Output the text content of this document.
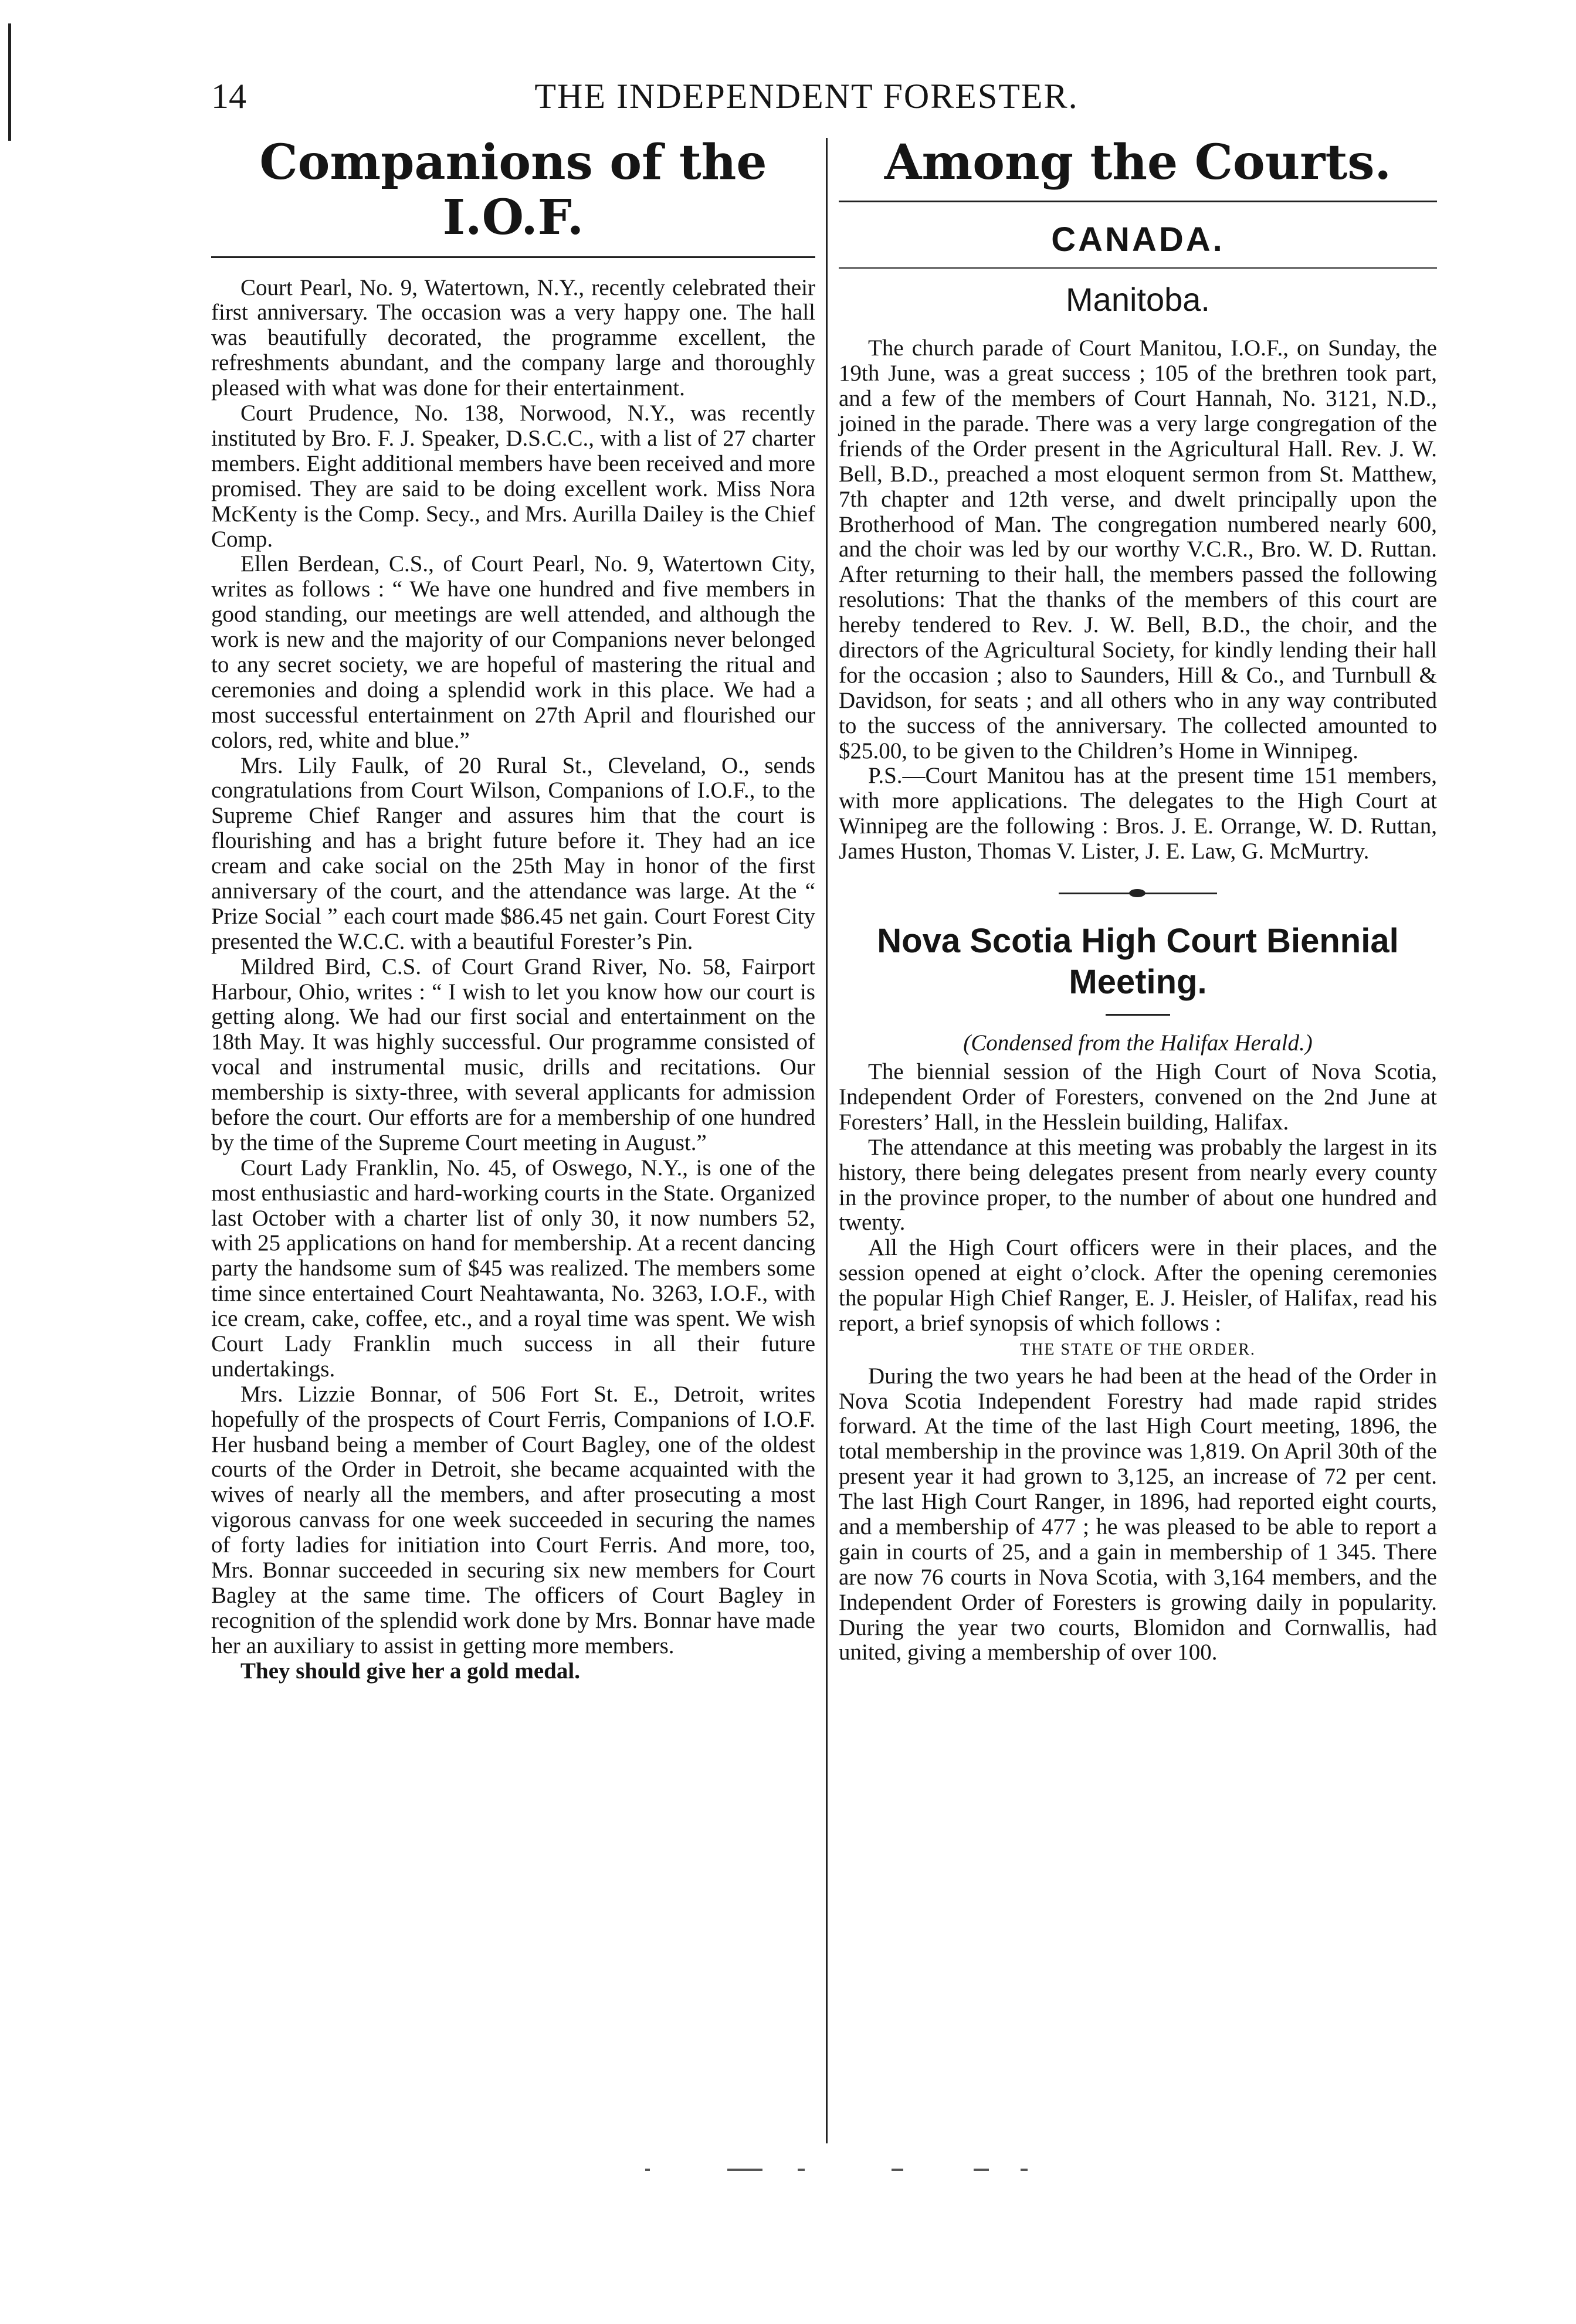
14	THE INDEPENDENT FORESTER.
Companions of the I.O.F.

Court Pearl, No. 9, Watertown, N.Y., recently celebrated their first anniversary. The occasion was a very happy one. The hall was beautifully decorated, the programme excellent, the refreshments abundant, and the company large and thoroughly pleased with what was done for their entertainment.

Court Prudence, No. 138, Norwood, N.Y., was recently instituted by Bro. F. J. Speaker, D.S.C.C., with a list of 27 charter members. Eight additional members have been received and more promised. They are said to be doing excellent work. Miss Nora McKenty is the Comp. Secy., and Mrs. Aurilla Dailey is the Chief Comp.

Ellen Berdean, C.S., of Court Pearl, No. 9, Watertown City, writes as follows : “ We have one hundred and five members in good standing, our meetings are well attended, and although the work is new and the majority of our Companions never belonged to any secret society, we are hopeful of mastering the ritual and ceremonies and doing a splendid work in this place. We had a most successful entertainment on 27th April and flourished our colors, red, white and blue.”

Mrs. Lily Faulk, of 20 Rural St., Cleveland, O., sends congratulations from Court Wilson, Companions of I.O.F., to the Supreme Chief Ranger and assures him that the court is flourishing and has a bright future before it. They had an ice cream and cake social on the 25th May in honor of the first anniversary of the court, and the attendance was large. At the “ Prize Social ” each court made $86.45 net gain. Court Forest City presented the W.C.C. with a beautiful Forester’s Pin.

Mildred Bird, C.S. of Court Grand River, No. 58, Fairport Harbour, Ohio, writes : “ I wish to let you know how our court is getting along. We had our first social and entertainment on the 18th May. It was highly successful. Our programme consisted of vocal and instrumental music, drills and recitations. Our membership is sixty-three, with several applicants for admission before the court. Our efforts are for a membership of one hundred by the time of the Supreme Court meeting in August.”

Court Lady Franklin, No. 45, of Oswego, N.Y., is one of the most enthusiastic and hard-working courts in the State. Organized last October with a charter list of only 30, it now numbers 52, with 25 applications on hand for membership. At a recent dancing party the handsome sum of $45 was realized. The members some time since entertained Court Neahtawanta, No. 3263, I.O.F., with ice cream, cake, coffee, etc., and a royal time was spent. We wish Court Lady Franklin much success in all their future undertakings.

Mrs. Lizzie Bonnar, of 506 Fort St. E., Detroit, writes hopefully of the prospects of Court Ferris, Companions of I.O.F. Her husband being a member of Court Bagley, one of the oldest courts of the Order in Detroit, she became acquainted with the wives of nearly all the members, and after prosecuting a most vigorous canvass for one week succeeded in securing the names of forty ladies for initiation into Court Ferris. And more, too, Mrs. Bonnar succeeded in securing six new members for Court Bagley at the same time. The officers of Court Bagley in recognition of the splendid work done by Mrs. Bonnar have made her an auxiliary to assist in getting more members.

They should give her a gold medal.

Among the Courts.
CANADA.
Manitoba.

The church parade of Court Manitou, I.O.F., on Sunday, the 19th June, was a great success ; 105 of the brethren took part, and a few of the members of Court Hannah, No. 3121, N.D., joined in the parade. There was a very large congregation of the friends of the Order present in the Agricultural Hall. Rev. J. W. Bell, B.D., preached a most eloquent sermon from St. Matthew, 7th chapter and 12th verse, and dwelt principally upon the Brotherhood of Man. The congregation numbered nearly 600, and the choir was led by our worthy V.C.R., Bro. W. D. Ruttan. After returning to their hall, the members passed the following resolutions: That the thanks of the members of this court are hereby tendered to Rev. J. W. Bell, B.D., the choir, and the directors of the Agricultural Society, for kindly lending their hall for the occasion ; also to Saunders, Hill & Co., and Turnbull & Davidson, for seats ; and all others who in any way contributed to the success of the anniversary. The collected amounted to $25.00, to be given to the Children’s Home in Winnipeg.

P.S.—Court Manitou has at the present time 151 members, with more applications. The delegates to the High Court at Winnipeg are the following : Bros. J. E. Orrange, W. D. Ruttan, James Huston, Thomas V. Lister, J. E. Law, G. McMurtry.

Nova Scotia High Court Biennial Meeting.

(Condensed from the Halifax Herald.)

The biennial session of the High Court of Nova Scotia, Independent Order of Foresters, convened on the 2nd June at Foresters’ Hall, in the Hesslein building, Halifax.

The attendance at this meeting was probably the largest in its history, there being delegates present from nearly every county in the province proper, to the number of about one hundred and twenty.

All the High Court officers were in their places, and the session opened at eight o’clock. After the opening ceremonies the popular High Chief Ranger, E. J. Heisler, of Halifax, read his report, a brief synopsis of which follows :

THE STATE OF THE ORDER.

During the two years he had been at the head of the Order in Nova Scotia Independent Forestry had made rapid strides forward. At the time of the last High Court meeting, 1896, the total membership in the province was 1,819. On April 30th of the present year it had grown to 3,125, an increase of 72 per cent. The last High Court Ranger, in 1896, had reported eight courts, and a membership of 477 ; he was pleased to be able to report a gain in courts of 25, and a gain in membership of 1 345. There are now 76 courts in Nova Scotia, with 3,164 members, and the Independent Order of Foresters is growing daily in popularity. During the year two courts, Blomidon and Cornwallis, had united, giving a membership of over 100.
